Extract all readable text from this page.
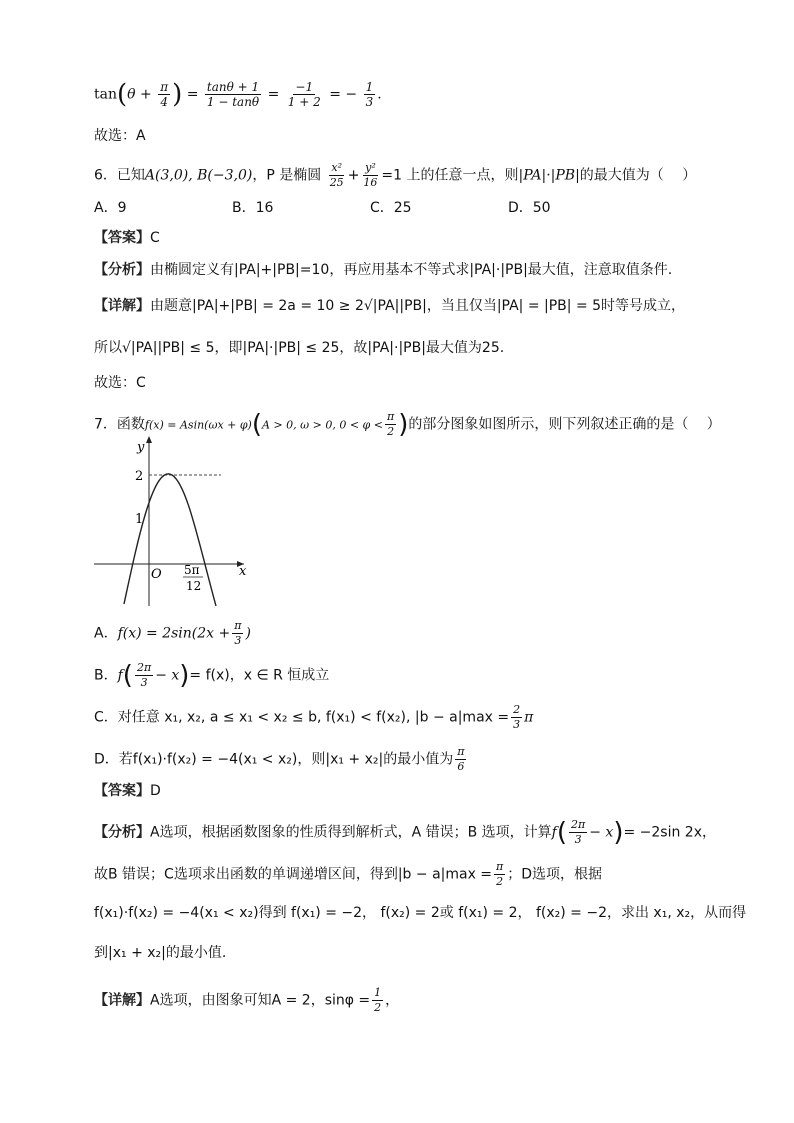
$\tan(\theta + \frac{\pi}{4}$ ) = $\frac{\tan\theta + 1}{1 - \tan\theta} = \frac{-1}{1 + 2}$ = − $\frac{1}{3}$ .
故选：A
6．已知A(3,0), B(−3,0)，P 是椭圆 $\frac{\text{x²}}{25} + \frac{\text{y²}}{16} =1$ 上的任意一点，则|PA|·|PB|的最大值为（　 ）
A．9	B．16	C．25	D．50
【答案】C
【分析】由椭圆定义有|PA|+|PB|=10，再应用基本不等式求|PA|·|PB|最大值，注意取值条件.
【详解】由题意|PA|+|PB| = 2a = 10 ≥ 2√|PA||PB|，当且仅当|PA| = |PB| = 5时等号成立，
所以√|PA||PB| ≤ 5，即|PA|·|PB| ≤ 25，故|PA|·|PB|最大值为25.
故选：C
7．函数f(x) = Asin(ωx + φ)(A > 0, ω > 0, $0 < \varphi < \frac{\pi}{2}$ )的部分图象如图所示，则下列叙述正确的是（　 ）
y
x
O
2
1
5π
12
A．$f(x) = 2\sin(2x + \frac{\pi}{3}$ )
B．$f( \frac{2\pi}{3} - x)= f(x)$，x ∈ R 恒成立
C．对任意 x₁, x₂, a ≤ x₁ < x₂ ≤ b, f(x₁) < f(x₂), $|b - a|\max = \frac{2}{3}$ π
D．若f(x₁)·f(x₂) = −4(x₁ < x₂)，则|x₁ + x₂|的最小值为 $\frac{\pi}{6}$
【答案】D
【分析】A选项，根据函数图象的性质得到解析式，A 错误；B 选项，计算$f( \frac{2\pi}{3} - x)= -2\sin$ 2x，
故B 错误；C选项求出函数的单调递增区间，得到$|b - a|\max = \frac{\pi}{2}$ ；D选项，根据
f(x₁)·f(x₂) = −4(x₁ < x₂)得到 f(x₁) = −2， f(x₂) = 2或 f(x₁) = 2， f(x₂) = −2，求出 x₁, x₂，从而得
到|x₁ + x₂|的最小值.
【详解】A选项，由图象可知A = 2，$\sin\varphi = \frac{1}{2}$ ，
